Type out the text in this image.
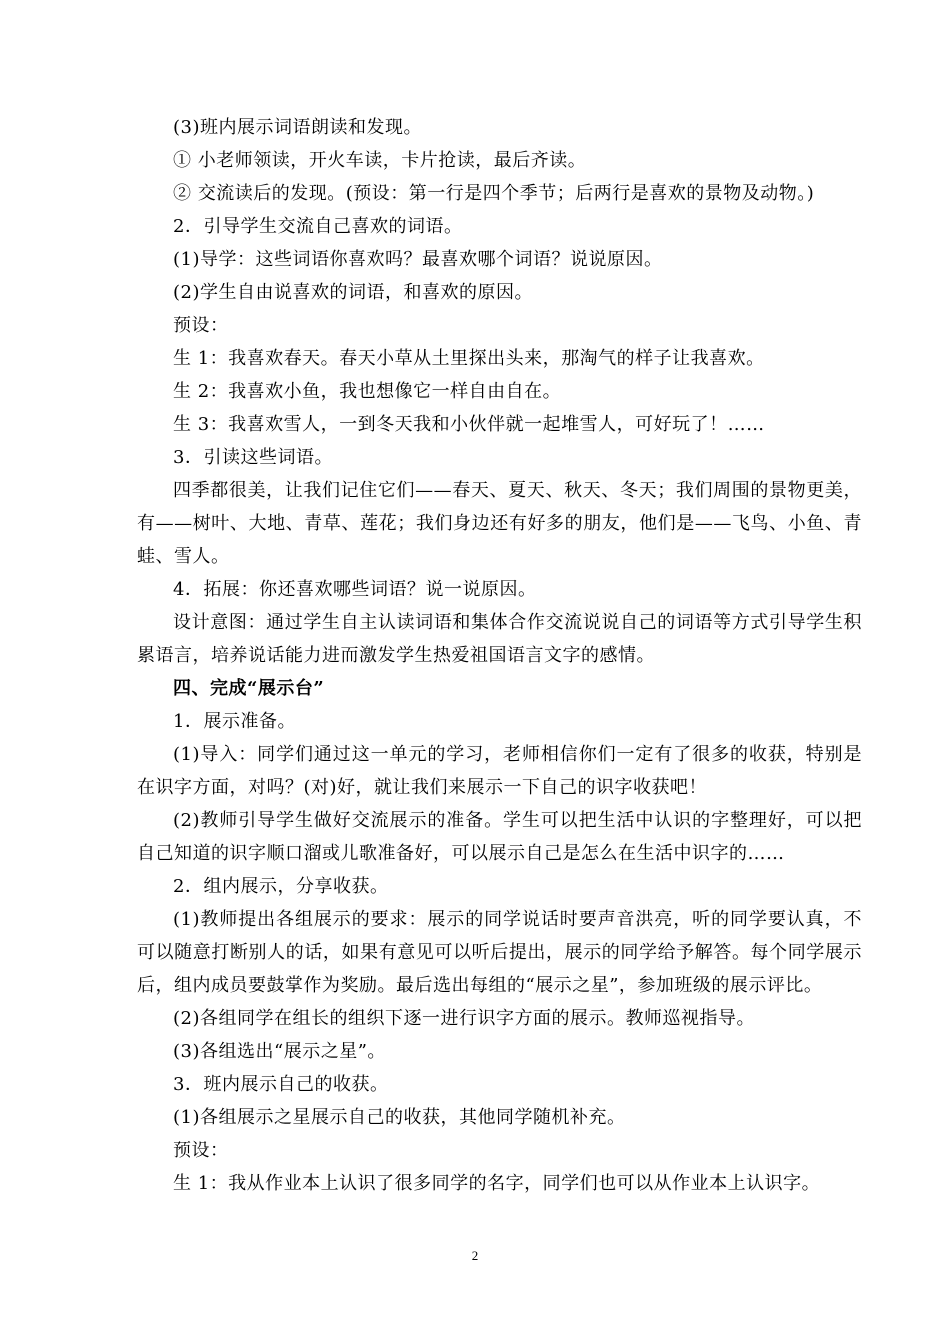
(3)班内展示词语朗读和发现。

① 小老师领读，开火车读，卡片抢读，最后齐读。

② 交流读后的发现。(预设：第一行是四个季节；后两行是喜欢的景物及动物。)

2．引导学生交流自己喜欢的词语。

(1)导学：这些词语你喜欢吗？最喜欢哪个词语？说说原因。

(2)学生自由说喜欢的词语，和喜欢的原因。

预设：

生 1：我喜欢春天。春天小草从土里探出头来，那淘气的样子让我喜欢。

生 2：我喜欢小鱼，我也想像它一样自由自在。

生 3：我喜欢雪人，一到冬天我和小伙伴就一起堆雪人，可好玩了！……

3．引读这些词语。

四季都很美，让我们记住它们——春天、夏天、秋天、冬天；我们周围的景物更美，有——树叶、大地、青草、莲花；我们身边还有好多的朋友，他们是——飞鸟、小鱼、青蛙、雪人。

4．拓展：你还喜欢哪些词语？说一说原因。

设计意图：通过学生自主认读词语和集体合作交流说说自己的词语等方式引导学生积累语言，培养说话能力进而激发学生热爱祖国语言文字的感情。

四、完成“展示台”

1．展示准备。

(1)导入：同学们通过这一单元的学习，老师相信你们一定有了很多的收获，特别是在识字方面，对吗？(对)好，就让我们来展示一下自己的识字收获吧！

(2)教师引导学生做好交流展示的准备。学生可以把生活中认识的字整理好，可以把自己知道的识字顺口溜或儿歌准备好，可以展示自己是怎么在生活中识字的……

2．组内展示，分享收获。

(1)教师提出各组展示的要求：展示的同学说话时要声音洪亮，听的同学要认真，不可以随意打断别人的话，如果有意见可以听后提出，展示的同学给予解答。每个同学展示后，组内成员要鼓掌作为奖励。最后选出每组的“展示之星”，参加班级的展示评比。

(2)各组同学在组长的组织下逐一进行识字方面的展示。教师巡视指导。

(3)各组选出“展示之星”。

3．班内展示自己的收获。

(1)各组展示之星展示自己的收获，其他同学随机补充。

预设：

生 1：我从作业本上认识了很多同学的名字，同学们也可以从作业本上认识字。

2
